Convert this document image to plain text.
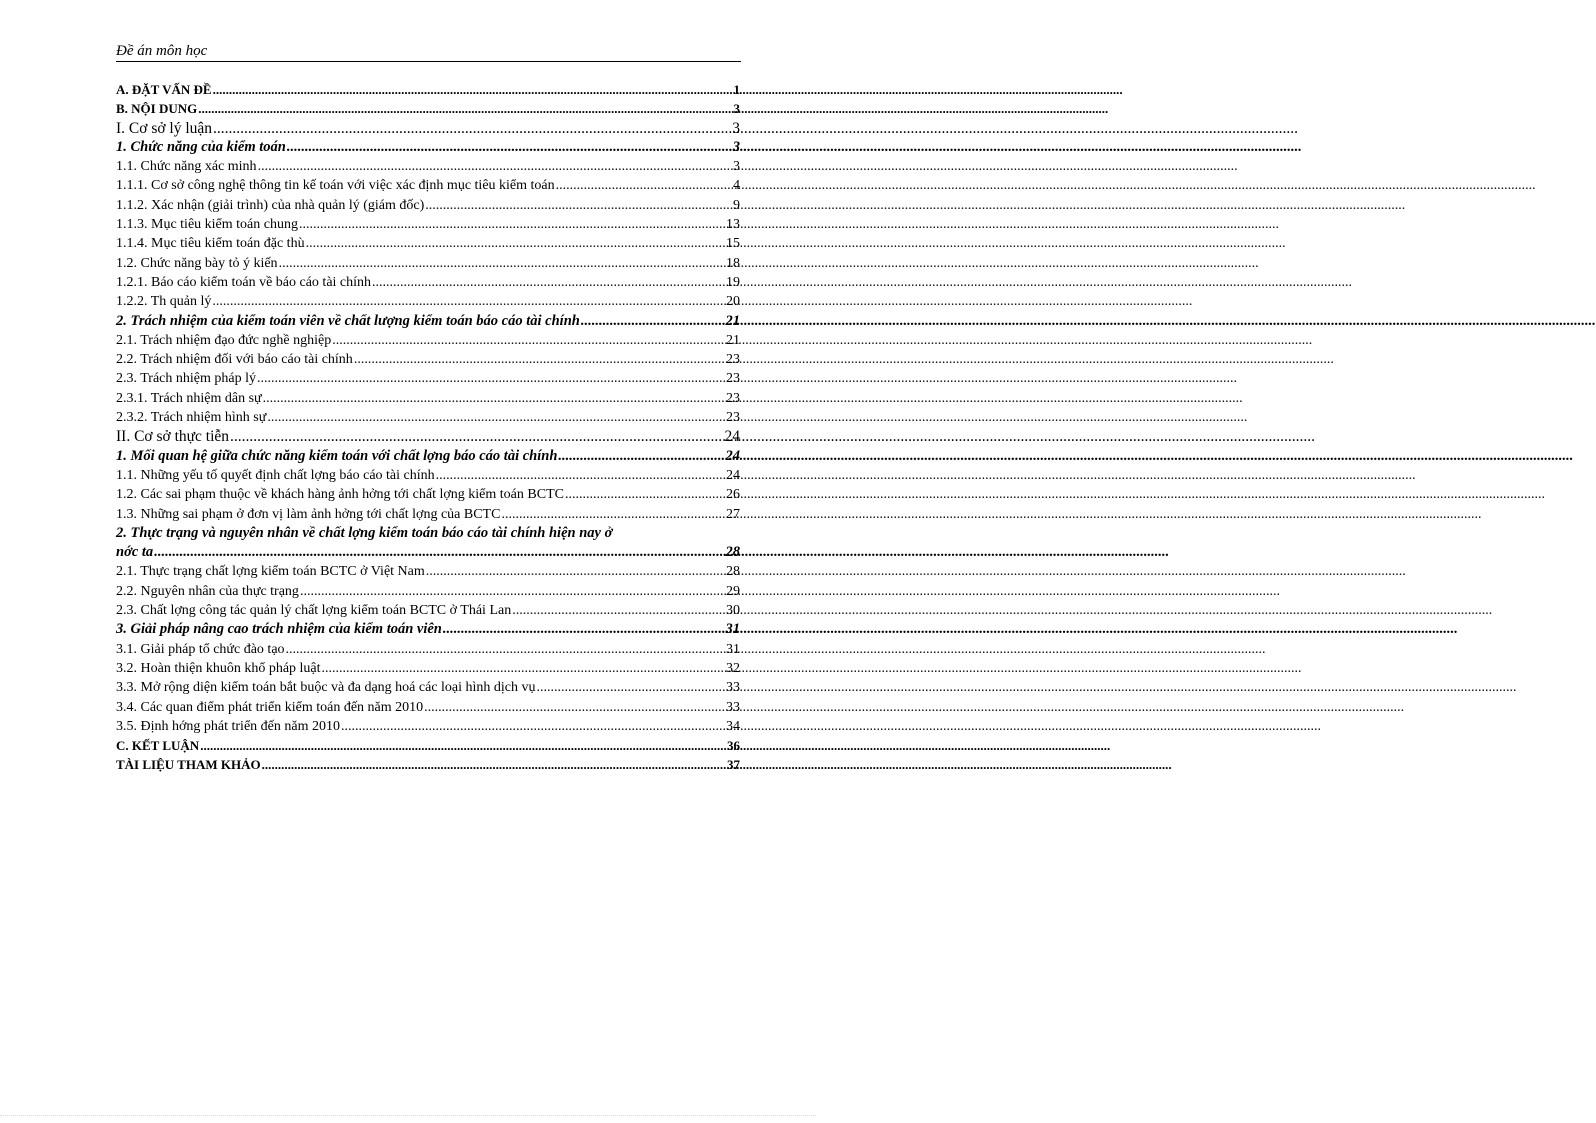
Đề án môn học
A. ĐẶT VẤN ĐỀ .....	1
B. NỘI DUNG .....	3
I. Cơ sở lý luận .....	3
1. Chức năng của kiểm toán .....	3
1.1. Chức năng xác minh .....	3
1.1.1. Cơ sở công nghệ thông tin kế toán với việc xác định mục tiêu kiểm toán .....	4
1.1.2. Xác nhận (giải trình) của nhà quản lý (giám đốc) .....	9
1.1.3. Mục tiêu kiểm toán chung .....	13
1.1.4. Mục tiêu kiểm toán đặc thù .....	15
1.2. Chức năng bày tỏ ý kiến .....	18
1.2.1. Báo cáo kiểm toán về báo cáo tài chính .....	19
1.2.2. Th quản lý .....	20
2. Trách nhiệm của kiểm toán viên về chất lượng kiểm toán báo cáo tài chính .....	21
2.1. Trách nhiệm đạo đức nghề nghiệp .....	21
2.2. Trách nhiệm đối với báo cáo tài chính .....	23
2.3. Trách nhiệm pháp lý .....	23
2.3.1. Trách nhiệm dân sự .....	23
2.3.2. Trách nhiệm hình sự .....	23
II. Cơ sở thực tiễn .....	24
1. Mối quan hệ giữa chức năng kiểm toán với chất lợng báo cáo tài chính .....	24
1.1. Những yếu tố quyết định chất lợng báo cáo tài chính .....	24
1.2. Các sai phạm thuộc về khách hàng ảnh hởng tới chất lợng kiểm toán BCTC .....	26
1.3. Những sai phạm ở đơn vị làm ảnh hởng tới chất lợng của BCTC .....	27
2. Thực trạng và nguyên nhân về chất lợng kiểm toán báo cáo tài chính hiện nay ở
nớc ta .....	28
2.1. Thực trạng chất lợng kiểm toán BCTC ở Việt Nam .....	28
2.2. Nguyên nhân của thực trạng .....	29
2.3. Chất lợng công tác quản lý chất lợng kiểm toán BCTC ở Thái Lan .....	30
3. Giải pháp nâng cao trách nhiệm của kiểm toán viên .....	31
3.1. Giải pháp tổ chức đào tạo .....	31
3.2. Hoàn thiện khuôn khổ pháp luật .....	32
3.3. Mở rộng diện kiểm toán bắt buộc và đa dạng hoá các loại hình dịch vụ .....	33
3.4. Các quan điểm phát triển kiểm toán đến năm 2010 .....	33
3.5. Định hớng phát triển đến năm 2010 .....	34
C. KẾT LUẬN .....	36
TÀI LIỆU THAM KHẢO .....	37
